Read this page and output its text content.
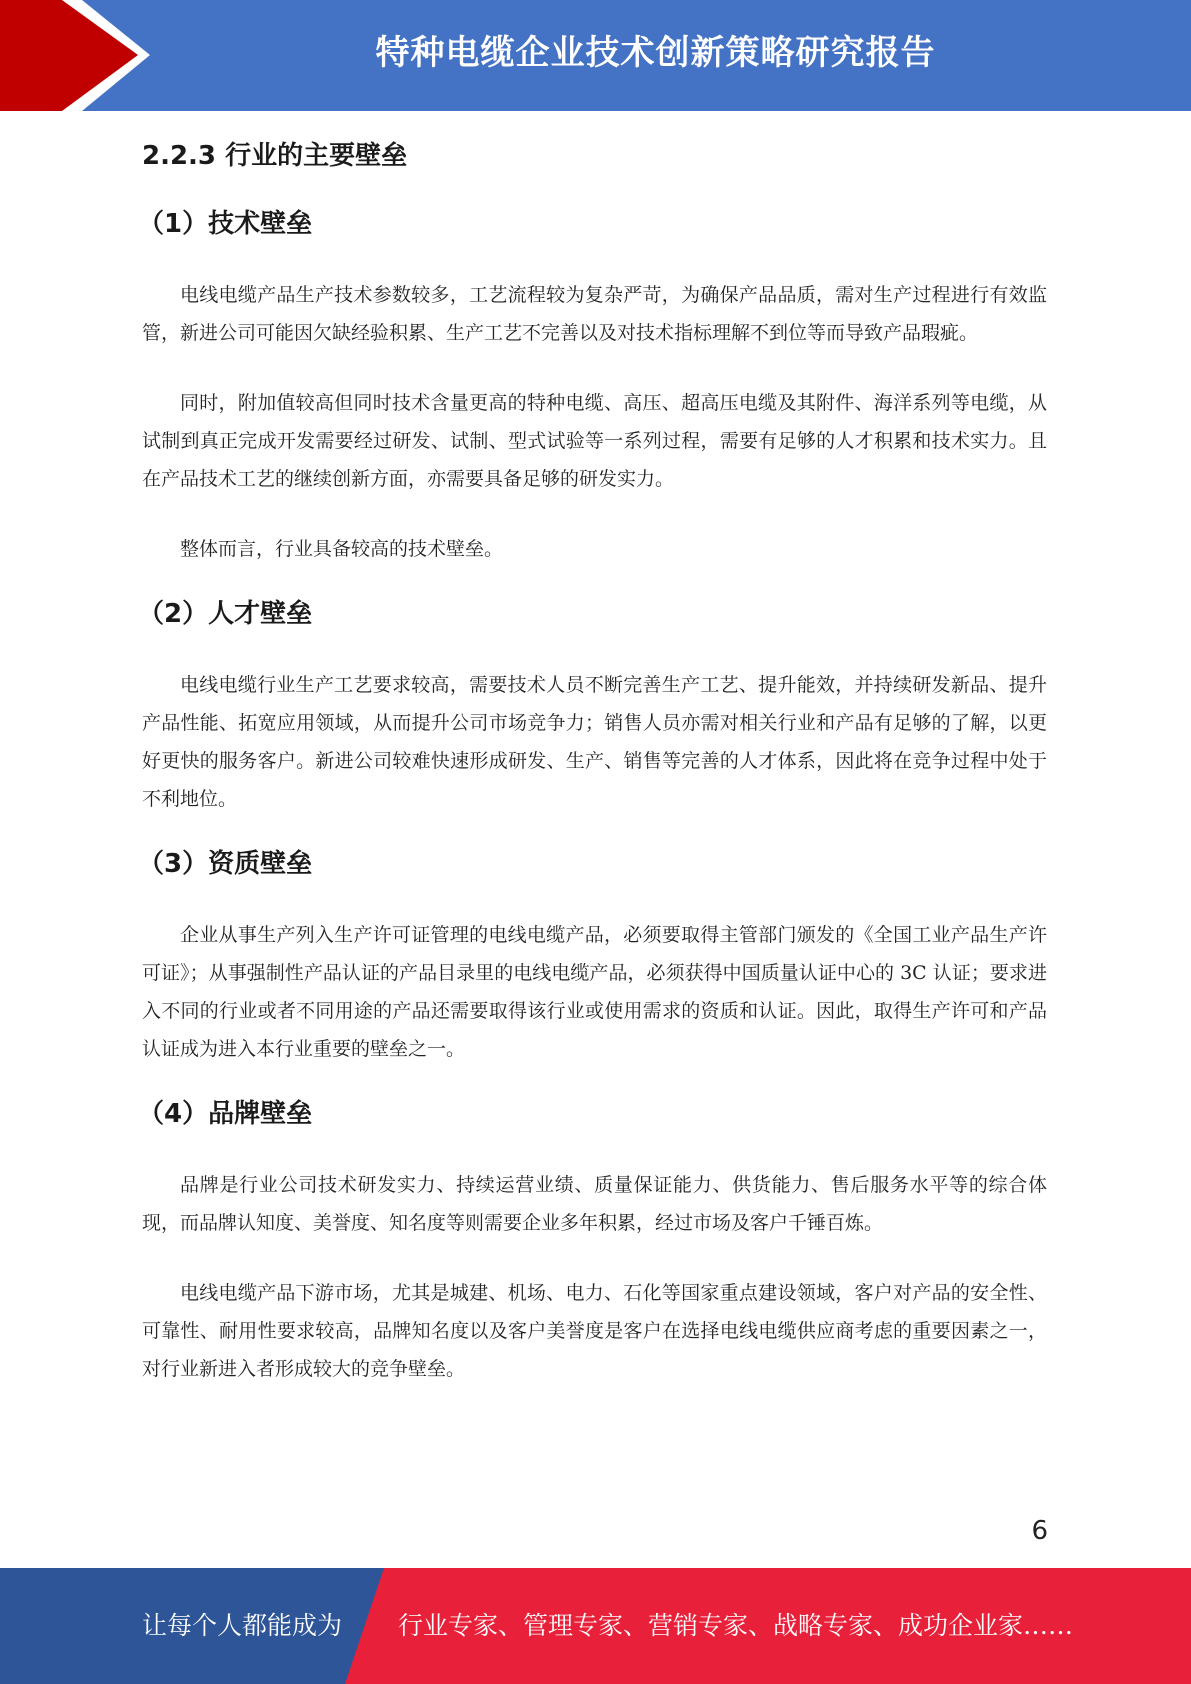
特种电缆企业技术创新策略研究报告
2.2.3 行业的主要壁垒
（1）技术壁垒

电线电缆产品生产技术参数较多，工艺流程较为复杂严苛，为确保产品品质，需对生产过程进行有效监管，新进公司可能因欠缺经验积累、生产工艺不完善以及对技术指标理解不到位等而导致产品瑕疵。

同时，附加值较高但同时技术含量更高的特种电缆、高压、超高压电缆及其附件、海洋系列等电缆，从试制到真正完成开发需要经过研发、试制、型式试验等一系列过程，需要有足够的人才积累和技术实力。且在产品技术工艺的继续创新方面，亦需要具备足够的研发实力。

整体而言，行业具备较高的技术壁垒。

（2）人才壁垒

电线电缆行业生产工艺要求较高，需要技术人员不断完善生产工艺、提升能效，并持续研发新品、提升产品性能、拓宽应用领域，从而提升公司市场竞争力；销售人员亦需对相关行业和产品有足够的了解，以更好更快的服务客户。新进公司较难快速形成研发、生产、销售等完善的人才体系，因此将在竞争过程中处于不利地位。

（3）资质壁垒

企业从事生产列入生产许可证管理的电线电缆产品，必须要取得主管部门颁发的《全国工业产品生产许可证》；从事强制性产品认证的产品目录里的电线电缆产品，必须获得中国质量认证中心的 3C 认证；要求进入不同的行业或者不同用途的产品还需要取得该行业或使用需求的资质和认证。因此，取得生产许可和产品认证成为进入本行业重要的壁垒之一。

（4）品牌壁垒

品牌是行业公司技术研发实力、持续运营业绩、质量保证能力、供货能力、售后服务水平等的综合体现，而品牌认知度、美誉度、知名度等则需要企业多年积累，经过市场及客户千锤百炼。

电线电缆产品下游市场，尤其是城建、机场、电力、石化等国家重点建设领域，客户对产品的安全性、可靠性、耐用性要求较高，品牌知名度以及客户美誉度是客户在选择电线电缆供应商考虑的重要因素之一，对行业新进入者形成较大的竞争壁垒。

6
让每个人都能成为 行业专家、管理专家、营销专家、战略专家、成功企业家……
